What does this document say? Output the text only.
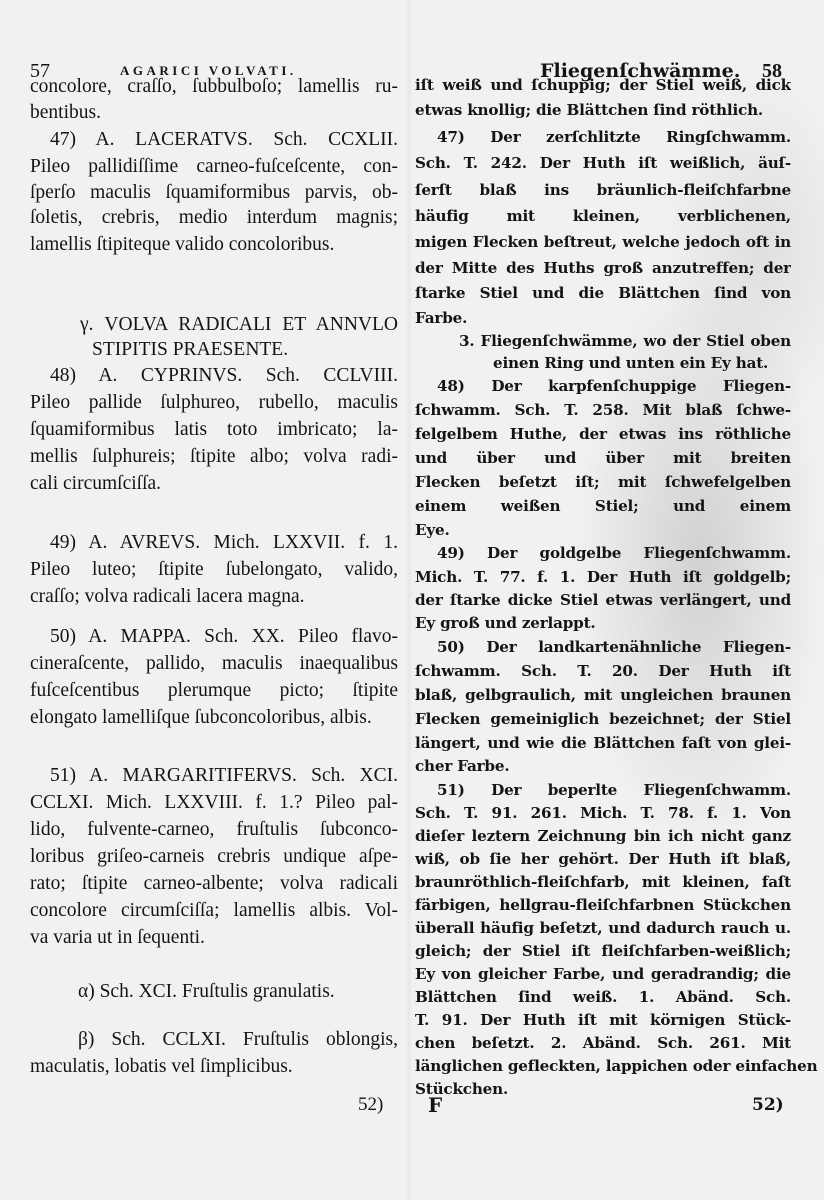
57	AGARICI VOLVATI.
52)
concolore, craſſo, ſubbulboſo; lamellis ru-
bentibus.
47) A. LACERATVS. Sch. CCXLII.
Pileo pallidiſſime carneo-fuſceſcente, con-
ſperſo maculis ſquamiformibus parvis, ob-
ſoletis, crebris, medio interdum magnis;
lamellis ſtipiteque valido concoloribus.
γ. VOLVA RADICALI ET ANNVLO
STIPITIS PRAESENTE.
48) A. CYPRINVS. Sch. CCLVIII.
Pileo pallide ſulphureo, rubello, maculis
ſquamiformibus latis toto imbricato; la-
mellis ſulphureis; ſtipite albo; volva radi-
cali circumſciſſa.
49) A. AVREVS. Mich. LXXVII. f. 1.
Pileo luteo; ſtipite ſubelongato, valido,
craſſo; volva radicali lacera magna.
50) A. MAPPA. Sch. XX. Pileo flavo-
cineraſcente, pallido, maculis inaequalibus
fuſceſcentibus plerumque picto; ſtipite
elongato lamelliſque ſubconcoloribus, albis.
51) A. MARGARITIFERVS. Sch. XCI.
CCLXI. Mich. LXXVIII. f. 1.? Pileo pal-
lido, fulvente-carneo, fruſtulis ſubconco-
loribus griſeo-carneis crebris undique aſpe-
rato; ſtipite carneo-albente; volva radicali
concolore circumſciſſa; lamellis albis. Vol-
va varia ut in ſequenti.
α) Sch. XCI. Fruſtulis granulatis.
β) Sch. CCLXI. Fruſtulis oblongis,
maculatis, lobatis vel ſimplicibus.
Fliegenſchwämme. 58
F	52)
iſt weiß und ſchuppig; der Stiel weiß, dick
etwas knollig; die Blättchen ſind röthlich.
47) Der zerſchlitzte Ringſchwamm.
Sch. T. 242. Der Huth iſt weißlich, äuſ-
ſerſt blaß ins bräunlich-fleiſchfarbne
häufig mit kleinen, verblichenen,
migen Flecken beſtreut, welche jedoch oft in
der Mitte des Huths groß anzutreffen; der
ſtarke Stiel und die Blättchen ſind von
Farbe.
3. Fliegenſchwämme, wo der Stiel oben
einen Ring und unten ein Ey hat.
48) Der karpfenſchuppige Fliegen-
ſchwamm. Sch. T. 258. Mit blaß ſchwe-
felgelbem Huthe, der etwas ins röthliche
und über und über mit breiten
Flecken beſetzt iſt; mit ſchwefelgelben
einem weißen Stiel; und einem
Eye.
49) Der goldgelbe Fliegenſchwamm.
Mich. T. 77. f. 1. Der Huth iſt goldgelb;
der ſtarke dicke Stiel etwas verlängert, und
Ey groß und zerlappt.
50) Der landkartenähnliche Fliegen-
ſchwamm. Sch. T. 20. Der Huth iſt
blaß, gelbgraulich, mit ungleichen braunen
Flecken gemeiniglich bezeichnet; der Stiel
längert, und wie die Blättchen faſt von glei-
cher Farbe.
51) Der beperlte Fliegenſchwamm.
Sch. T. 91. 261. Mich. T. 78. f. 1. Von
dieſer leztern Zeichnung bin ich nicht ganz
wiß, ob ſie her gehört. Der Huth iſt blaß,
braunröthlich-fleiſchfarb, mit kleinen, faſt
färbigen, hellgrau-fleiſchfarbnen Stückchen
überall häufig beſetzt, und dadurch rauch u.
gleich; der Stiel iſt fleiſchfarben-weißlich;
Ey von gleicher Farbe, und geradrandig; die
Blättchen ſind weiß. 1. Abänd. Sch.
T. 91. Der Huth iſt mit körnigen Stück-
chen beſetzt. 2. Abänd. Sch. 261. Mit
länglichen gefleckten, lappichen oder einfachen
Stückchen.
